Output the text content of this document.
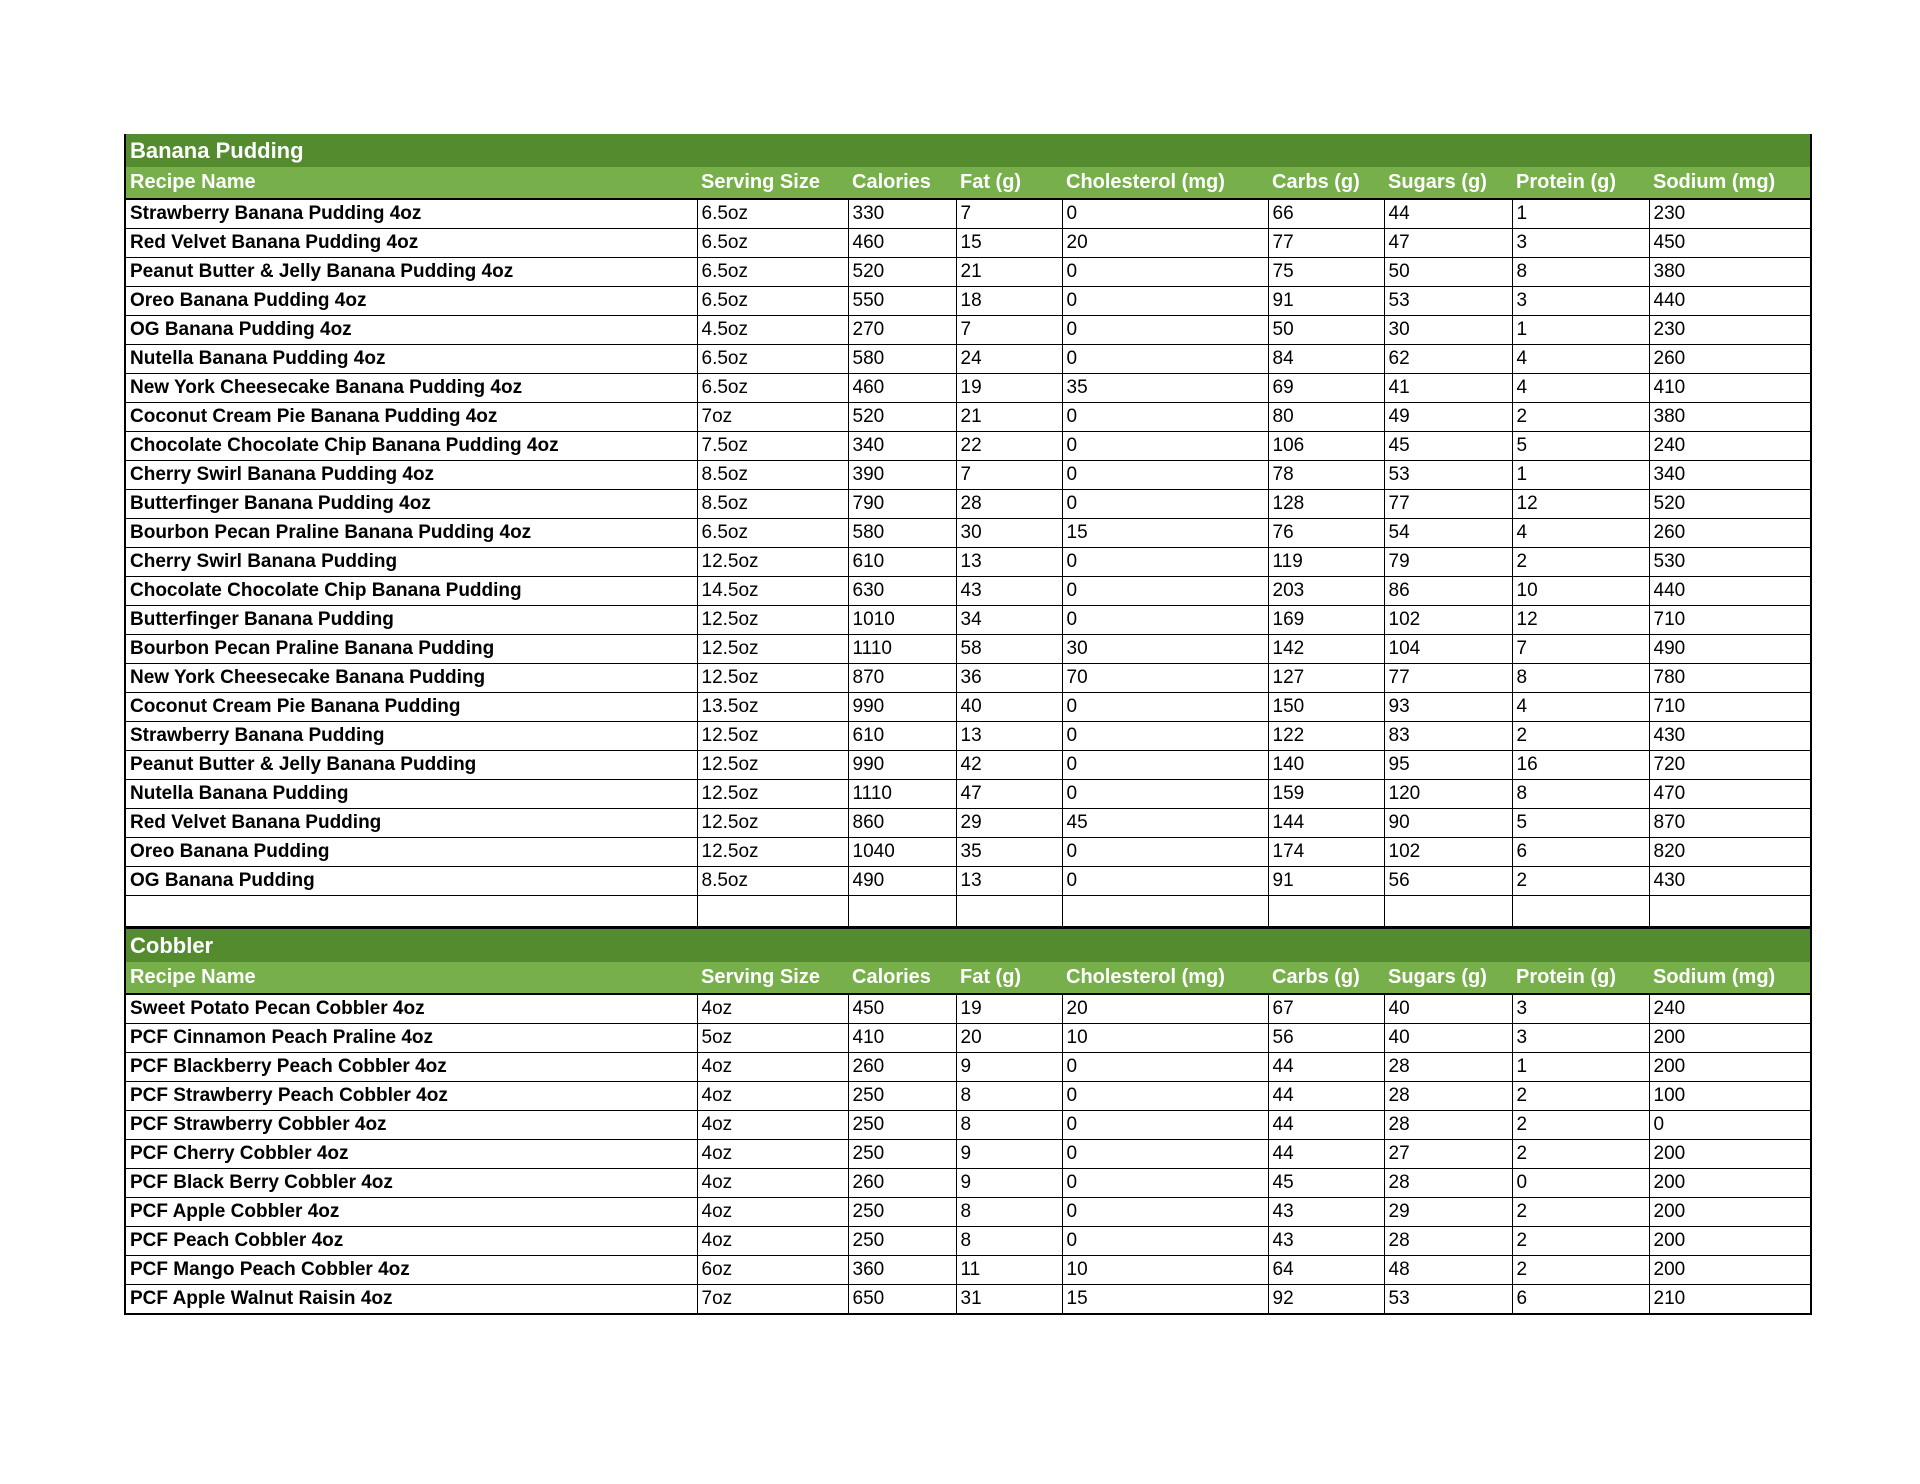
Banana Pudding								
Recipe Name	Serving Size	Calories	Fat (g)	Cholesterol (mg)	Carbs (g)	Sugars (g)	Protein (g)	Sodium (mg)
Strawberry Banana Pudding 4oz	6.5oz	330	7	0	66	44	1	230
Red Velvet Banana Pudding 4oz	6.5oz	460	15	20	77	47	3	450
Peanut Butter & Jelly Banana Pudding 4oz	6.5oz	520	21	0	75	50	8	380
Oreo Banana Pudding 4oz	6.5oz	550	18	0	91	53	3	440
OG Banana Pudding 4oz	4.5oz	270	7	0	50	30	1	230
Nutella Banana Pudding 4oz	6.5oz	580	24	0	84	62	4	260
New York Cheesecake Banana Pudding 4oz	6.5oz	460	19	35	69	41	4	410
Coconut Cream Pie Banana Pudding 4oz	7oz	520	21	0	80	49	2	380
Chocolate Chocolate Chip Banana Pudding 4oz	7.5oz	340	22	0	106	45	5	240
Cherry Swirl Banana Pudding 4oz	8.5oz	390	7	0	78	53	1	340
Butterfinger Banana Pudding 4oz	8.5oz	790	28	0	128	77	12	520
Bourbon Pecan Praline Banana Pudding 4oz	6.5oz	580	30	15	76	54	4	260
Cherry Swirl Banana Pudding	12.5oz	610	13	0	119	79	2	530
Chocolate Chocolate Chip Banana Pudding	14.5oz	630	43	0	203	86	10	440
Butterfinger Banana Pudding	12.5oz	1010	34	0	169	102	12	710
Bourbon Pecan Praline Banana Pudding	12.5oz	1110	58	30	142	104	7	490
New York Cheesecake Banana Pudding	12.5oz	870	36	70	127	77	8	780
Coconut Cream Pie Banana Pudding	13.5oz	990	40	0	150	93	4	710
Strawberry Banana Pudding	12.5oz	610	13	0	122	83	2	430
Peanut Butter & Jelly Banana Pudding	12.5oz	990	42	0	140	95	16	720
Nutella Banana Pudding	12.5oz	1110	47	0	159	120	8	470
Red Velvet Banana Pudding	12.5oz	860	29	45	144	90	5	870
Oreo Banana Pudding	12.5oz	1040	35	0	174	102	6	820
OG Banana Pudding	8.5oz	490	13	0	91	56	2	430

Cobbler								
Recipe Name	Serving Size	Calories	Fat (g)	Cholesterol (mg)	Carbs (g)	Sugars (g)	Protein (g)	Sodium (mg)
Sweet Potato Pecan Cobbler 4oz	4oz	450	19	20	67	40	3	240
PCF Cinnamon Peach Praline 4oz	5oz	410	20	10	56	40	3	200
PCF Blackberry Peach Cobbler 4oz	4oz	260	9	0	44	28	1	200
PCF Strawberry Peach Cobbler 4oz	4oz	250	8	0	44	28	2	100
PCF Strawberry Cobbler 4oz	4oz	250	8	0	44	28	2	0
PCF Cherry Cobbler 4oz	4oz	250	9	0	44	27	2	200
PCF Black Berry Cobbler 4oz	4oz	260	9	0	45	28	0	200
PCF Apple Cobbler 4oz	4oz	250	8	0	43	29	2	200
PCF Peach Cobbler 4oz	4oz	250	8	0	43	28	2	200
PCF Mango Peach Cobbler 4oz	6oz	360	11	10	64	48	2	200
PCF Apple Walnut Raisin 4oz	7oz	650	31	15	92	53	6	210
